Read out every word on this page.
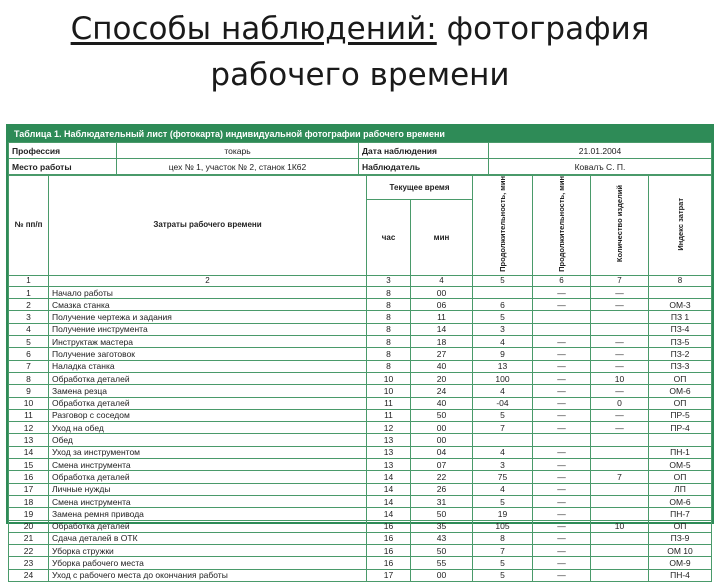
Способы наблюдений: фотография
рабочего времени
Таблица 1. Наблюдательный лист (фотокарта) индивидуальной фотографии рабочего времени
Профессия	токарь	Дата наблюдения	21.01.2004
Место работы	цех № 1, участок № 2, станок 1К62	Наблюдатель	Ковалъ С. П.
№ пп/п	Затраты рабочего времени	Текущее время		Продолжительность, мин	Продолжительность, мин	Количество изделий	Индекс затрат
		час	мин				
1	2	3	4	5	6	7	8
1	Начало работы	8	00		—	—	
2	Смазка станка	8	06	6	—	—	ОМ-3
3	Получение чертежа и задания	8	11	5			ПЗ 1
4	Получение инструмента	8	14	3			ПЗ-4
5	Инструктаж мастера	8	18	4	—	—	ПЗ-5
6	Получение заготовок	8	27	9	—	—	ПЗ-2
7	Наладка станка	8	40	13	—	—	ПЗ-3
8	Обработка деталей	10	20	100	—	10	ОП
9	Замена резца	10	24	4	—	—	ОМ-6
10	Обработка деталей	11	40	-04	—	0	ОП
11	Разговор с соседом	11	50	5	—	—	ПР-5
12	Уход на обед	12	00	7	—	—	ПР-4
13	Обед	13	00				
14	Уход за инструментом	13	04	4	—		ПН-1
15	Смена инструмента	13	07	3	—		ОМ-5
16	Обработка деталей	14	22	75	—	7	ОП
17	Личные нужды	14	26	4	—		ЛП
18	Смена инструмента	14	31	5	—		ОМ-6
19	Замена ремня привода	14	50	19	—		ПН-7
20	Обработка деталей	16	35	105	—	10	ОП
21	Сдача деталей в ОТК	16	43	8	—		ПЗ-9
22	Уборка стружки	16	50	7	—		ОМ 10
23	Уборка рабочего места	16	55	5	—		ОМ-9
24	Уход с рабочего места до окончания работы	17	00	5	—		ПН-4
